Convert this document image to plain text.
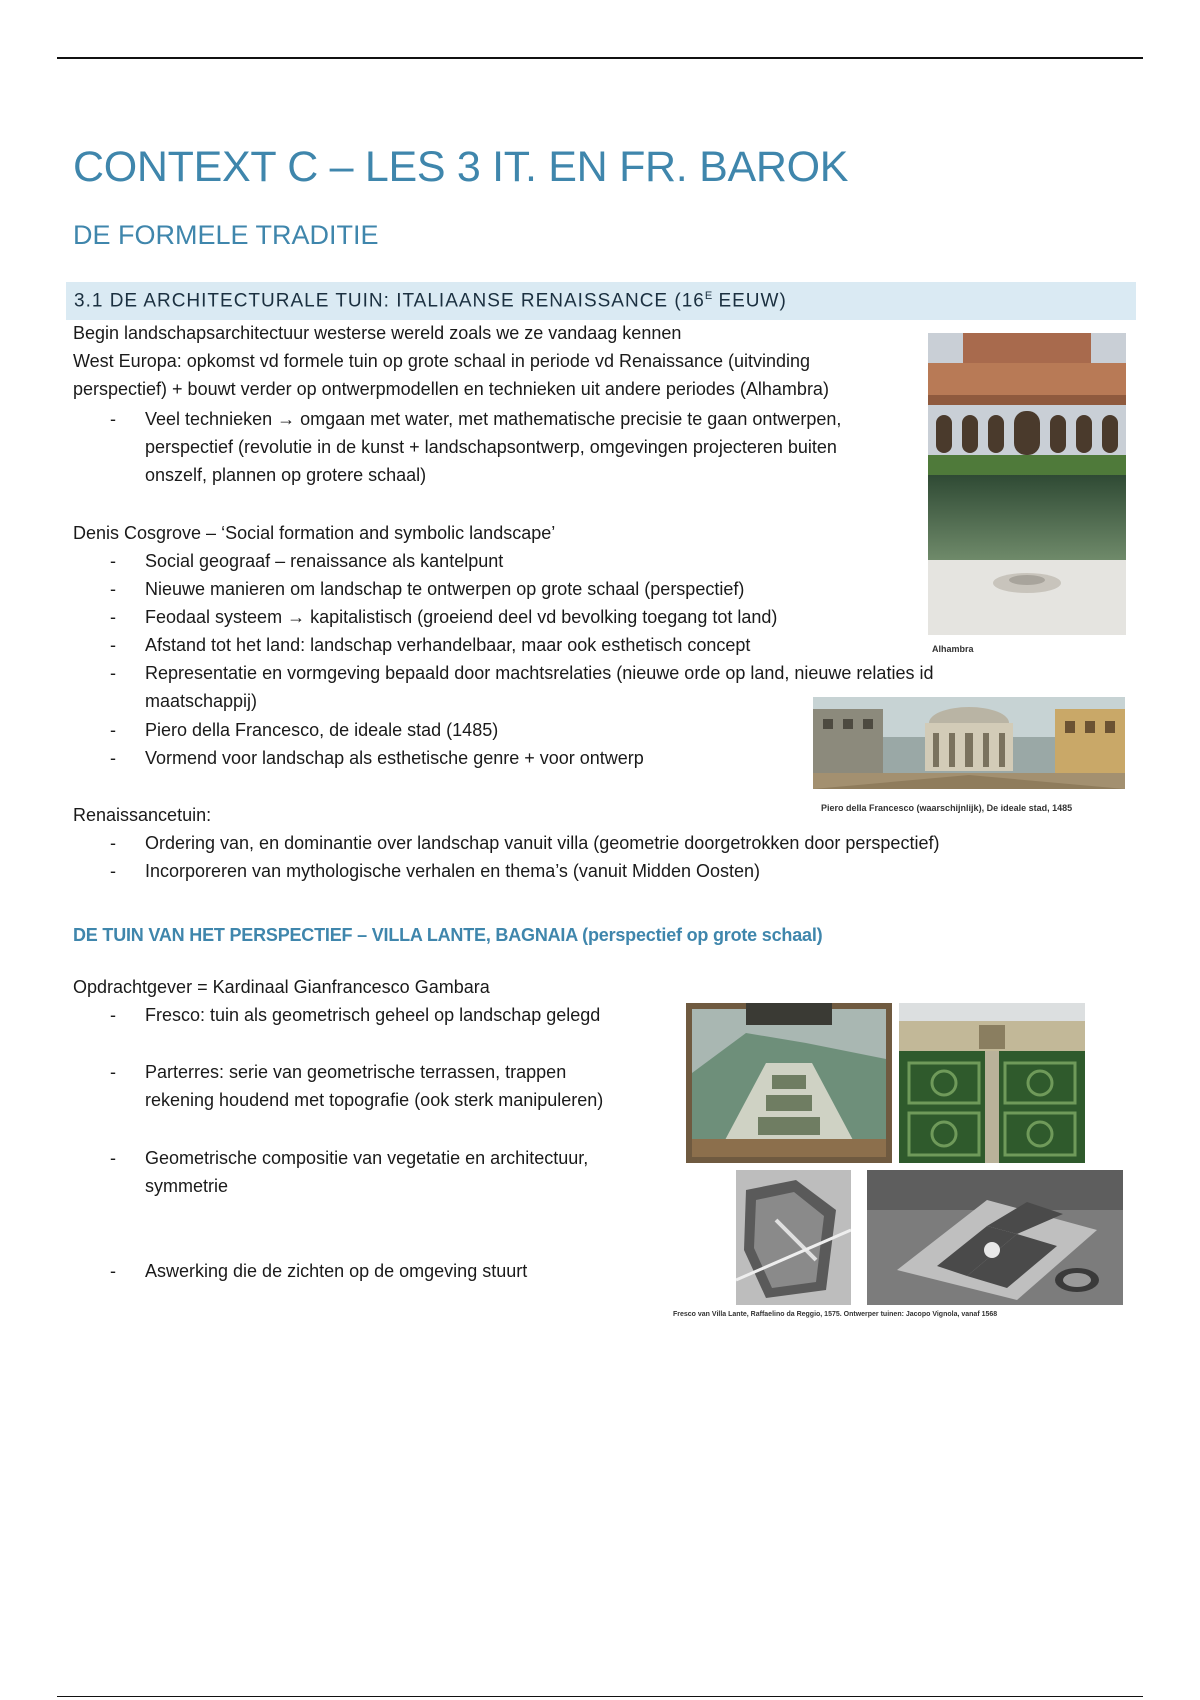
CONTEXT C – LES 3 IT. EN FR. BAROK
DE FORMELE TRADITIE
3.1 DE ARCHITECTURALE TUIN: ITALIAANSE RENAISSANCE ($16^E$ EEUW)
Begin landschapsarchitectuur westerse wereld zoals we ze vandaag kennen
West Europa: opkomst vd formele tuin op grote schaal in periode vd Renaissance (uitvinding
perspectief) + bouwt verder op ontwerpmodellen en technieken uit andere periodes (Alhambra)
- Veel technieken → omgaan met water, met mathematische precisie te gaan ontwerpen,
perspectief (revolutie in de kunst + landschapsontwerp, omgevingen projecteren buiten
onszelf, plannen op grotere schaal)
Denis Cosgrove – ‘Social formation and symbolic landscape’
- Social geograaf – renaissance als kantelpunt
- Nieuwe manieren om landschap te ontwerpen op grote schaal (perspectief)
- Feodaal systeem → kapitalistisch (groeiend deel vd bevolking toegang tot land)
- Afstand tot het land: landschap verhandelbaar, maar ook esthetisch concept
- Representatie en vormgeving bepaald door machtsrelaties (nieuwe orde op land, nieuwe relaties id
maatschappij)
- Piero della Francesco, de ideale stad (1485)
- Vormend voor landschap als esthetische genre + voor ontwerp
Renaissancetuin:
- Ordering van, en dominantie over landschap vanuit villa (geometrie doorgetrokken door perspectief)
- Incorporeren van mythologische verhalen en thema’s (vanuit Midden Oosten)
DE TUIN VAN HET PERSPECTIEF – VILLA LANTE, BAGNAIA (perspectief op grote schaal)
Opdrachtgever = Kardinaal Gianfrancesco Gambara
- Fresco: tuin als geometrisch geheel op landschap gelegd
- Parterres: serie van geometrische terrassen, trappen
rekening houdend met topografie (ook sterk manipuleren)
- Geometrische compositie van vegetatie en architectuur,
symmetrie
- Aswerking die de zichten op de omgeving stuurt
Alhambra
Piero della Francesco (waarschijnlijk), De ideale stad, 1485
Fresco van Villa Lante, Raffaelino da Reggio, 1575. Ontwerper tuinen: Jacopo Vignola, vanaf 1568
